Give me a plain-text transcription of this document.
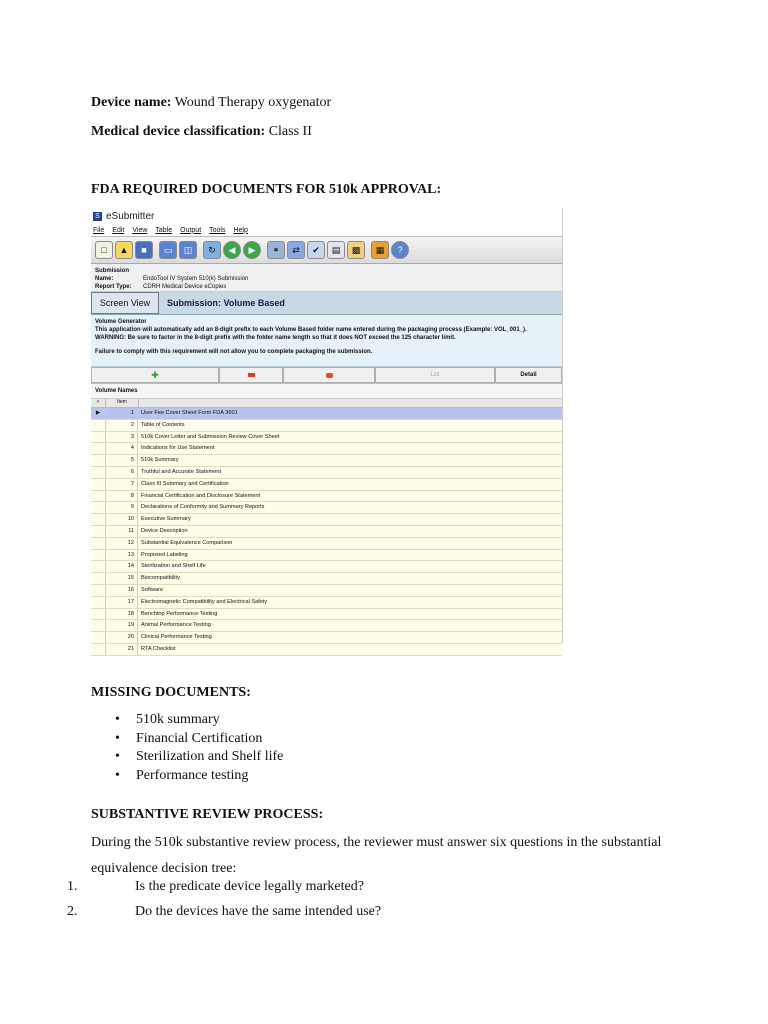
Device name: Wound Therapy oxygenator
Medical device classification: Class II
FDA REQUIRED DOCUMENTS FOR 510k APPROVAL:
S eSubmitter
File Edit View Table Output Tools Help
□	▲	■	▭	◫	↻	◀	▶	⚭	⇄	✔	▤	▩	▦	?
Submission Name:	EndoTool IV System 510(k) Submission
Report Type: CDRH Medical Device eCopies
Screen View	Submission: Volume Based
Volume Generator
This application will automatically add an 8-digit prefix to each Volume Based folder name entered during the packaging process (Example: VOL_001_).
WARNING: Be sure to factor in the 8-digit prefix with the folder name length so that it does NOT exceed the 125 character limit.
Failure to comply with this requirement will not allow you to complete packaging the submission.
✚	List	Detail
Volume Names
>	Item
▶	1	User Fee Cover Sheet Form FDA 3601
2	Table of Contents
3	510k Cover Letter and Submission Review Cover Sheet
4	Indications for Use Statement
5	510k Summary
6	Truthful and Accurate Statement
7	Class III Summary and Certification
8	Financial Certification and Disclosure Statement
9	Declarations of Conformity and Summary Reports
10	Executive Summary
11	Device Description
12	Substantial Equivalence Comparison
13	Proposed Labeling
14	Sterilization and Shelf Life
15	Biocompatibility
16	Software
17	Electromagnetic Compatibility and Electrical Safety
18	Benchtop Performance Testing
19	Animal Performance Testing
20	Clinical Performance Testing
21	RTA Checklist
MISSING DOCUMENTS:
• 510k summary
• Financial Certification
• Sterilization and Shelf life
• Performance testing
SUBSTANTIVE REVIEW PROCESS:
During the 510k substantive review process, the reviewer must answer six questions in the substantial equivalence decision tree:
1.	Is the predicate device legally marketed?
2.	Do the devices have the same intended use?
